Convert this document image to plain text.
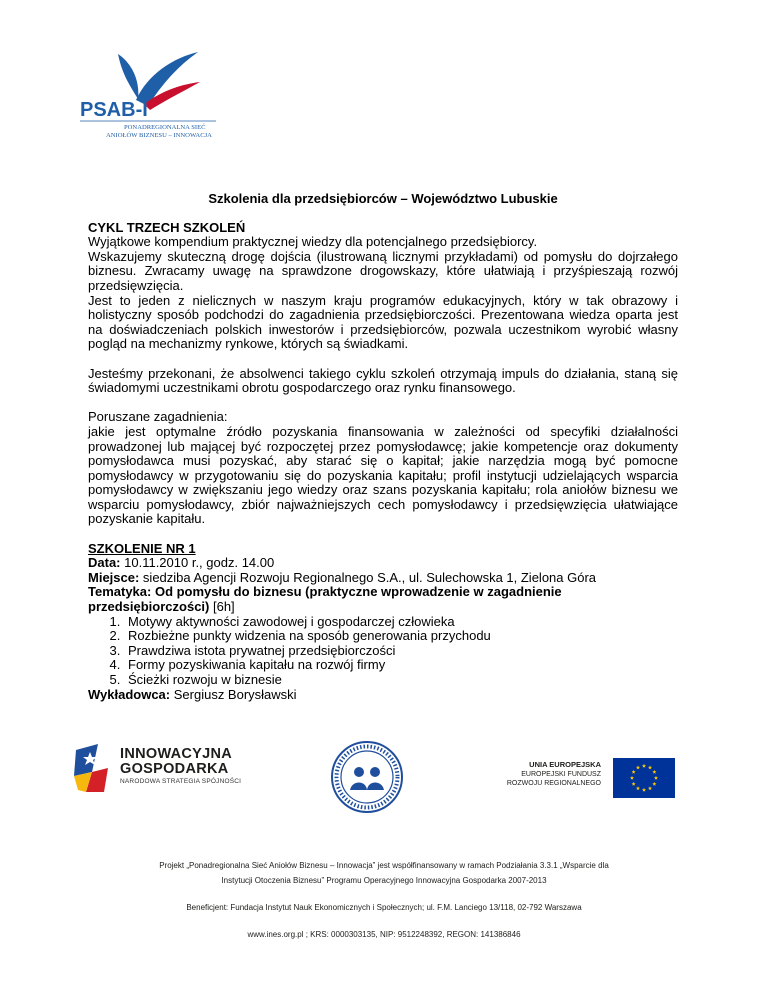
PSAB-I
PONADREGIONALNA SIEĆ
ANIOŁÓW BIZNESU – INNOWACJA
Szkolenia dla przedsiębiorców – Województwo Lubuskie
CYKL TRZECH SZKOLEŃ
Wyjątkowe kompendium praktycznej wiedzy dla potencjalnego przedsiębiorcy.
Wskazujemy skuteczną drogę dojścia (ilustrowaną licznymi przykładami) od pomysłu do dojrzałego biznesu. Zwracamy uwagę na sprawdzone drogowskazy, które ułatwiają i przyśpieszają rozwój przedsięwzięcia.
Jest to jeden z nielicznych w naszym kraju programów edukacyjnych, który w tak obrazowy i holistyczny sposób podchodzi do zagadnienia przedsiębiorczości. Prezentowana wiedza oparta jest na doświadczeniach polskich inwestorów i przedsiębiorców, pozwala uczestnikom wyrobić własny pogląd na mechanizmy rynkowe, których są świadkami.
Jesteśmy przekonani, że absolwenci takiego cyklu szkoleń otrzymają impuls do działania, staną się świadomymi uczestnikami obrotu gospodarczego oraz rynku finansowego.
Poruszane zagadnienia:
jakie jest optymalne źródło pozyskania finansowania w zależności od specyfiki działalności prowadzonej lub mającej być rozpoczętej przez pomysłodawcę; jakie kompetencje oraz dokumenty pomysłodawca musi pozyskać, aby starać się o kapitał; jakie narzędzia mogą być pomocne pomysłodawcy w przygotowaniu się do pozyskania kapitału; profil instytucji udzielających wsparcia pomysłodawcy w zwiększaniu jego wiedzy oraz szans pozyskania kapitału; rola aniołów biznesu we wsparciu pomysłodawcy, zbiór najważniejszych cech pomysłodawcy i przedsięwzięcia ułatwiające pozyskanie kapitału.
SZKOLENIE NR 1
Data: 10.11.2010 r., godz. 14.00
Miejsce: siedziba Agencji Rozwoju Regionalnego S.A., ul. Sulechowska 1, Zielona Góra
Tematyka: Od pomysłu do biznesu (praktyczne wprowadzenie w zagadnienie przedsiębiorczości) [6h]
1. Motywy aktywności zawodowej i gospodarczej człowieka
2. Rozbieżne punkty widzenia na sposób generowania przychodu
3. Prawdziwa istota prywatnej przedsiębiorczości
4. Formy pozyskiwania kapitału na rozwój firmy
5. Ścieżki rozwoju w biznesie
Wykładowca: Sergiusz Borysławski
INNOWACYJNA
GOSPODARKA
NARODOWA STRATEGIA SPÓJNOŚCI
UNIA EUROPEJSKA
EUROPEJSKI FUNDUSZ
ROZWOJU REGIONALNEGO
Projekt „Ponadregionalna Sieć Aniołów Biznesu – Innowacja” jest współfinansowany w ramach Podziałania 3.3.1 „Wsparcie dla
Instytucji Otoczenia Biznesu” Programu Operacyjnego Innowacyjna Gospodarka 2007-2013
Beneficjent: Fundacja Instytut Nauk Ekonomicznych i Społecznych; ul. F.M. Lanciego 13/118, 02-792 Warszawa
www.ines.org.pl ; KRS: 0000303135, NIP: 9512248392, REGON: 141386846
